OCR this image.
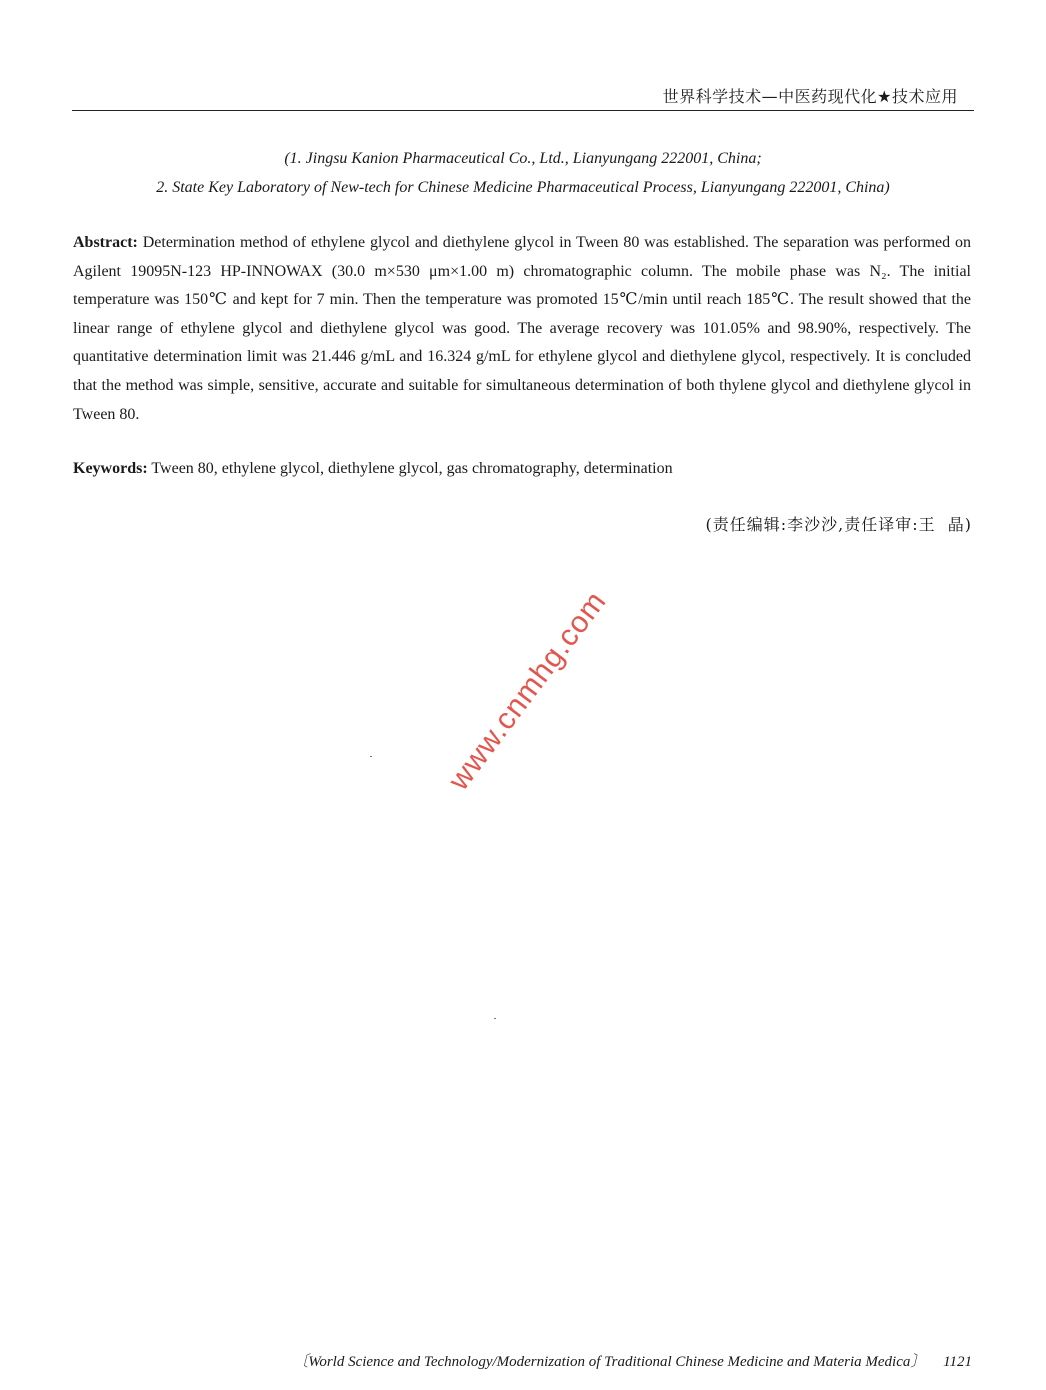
世界科学技术—中医药现代化★技术应用
(1. Jingsu Kanion Pharmaceutical Co., Ltd., Lianyungang 222001, China;
2. State Key Laboratory of New-tech for Chinese Medicine Pharmaceutical Process, Lianyungang 222001, China)
Abstract: Determination method of ethylene glycol and diethylene glycol in Tween 80 was established. The separation was performed on Agilent 19095N-123 HP-INNOWAX (30.0 m×530 μm×1.00 m) chromatographic column. The mobile phase was N₂. The initial temperature was 150℃ and kept for 7 min. Then the temperature was promoted 15℃/min until reach 185℃. The result showed that the linear range of ethylene glycol and diethylene glycol was good. The average recovery was 101.05% and 98.90%, respectively. The quantitative determination limit was 21.446 g/mL and 16.324 g/mL for ethylene glycol and diethylene glycol, respectively. It is concluded that the method was simple, sensitive, accurate and suitable for simultaneous determination of both thylene glycol and diethylene glycol in Tween 80.
Keywords: Tween 80, ethylene glycol, diethylene glycol, gas chromatography, determination
(责任编辑:李沙沙,责任译审:王  晶)
www.cnmhg.com
〔World Science and Technology/Modernization of Traditional Chinese Medicine and Materia Medica〕 1121
